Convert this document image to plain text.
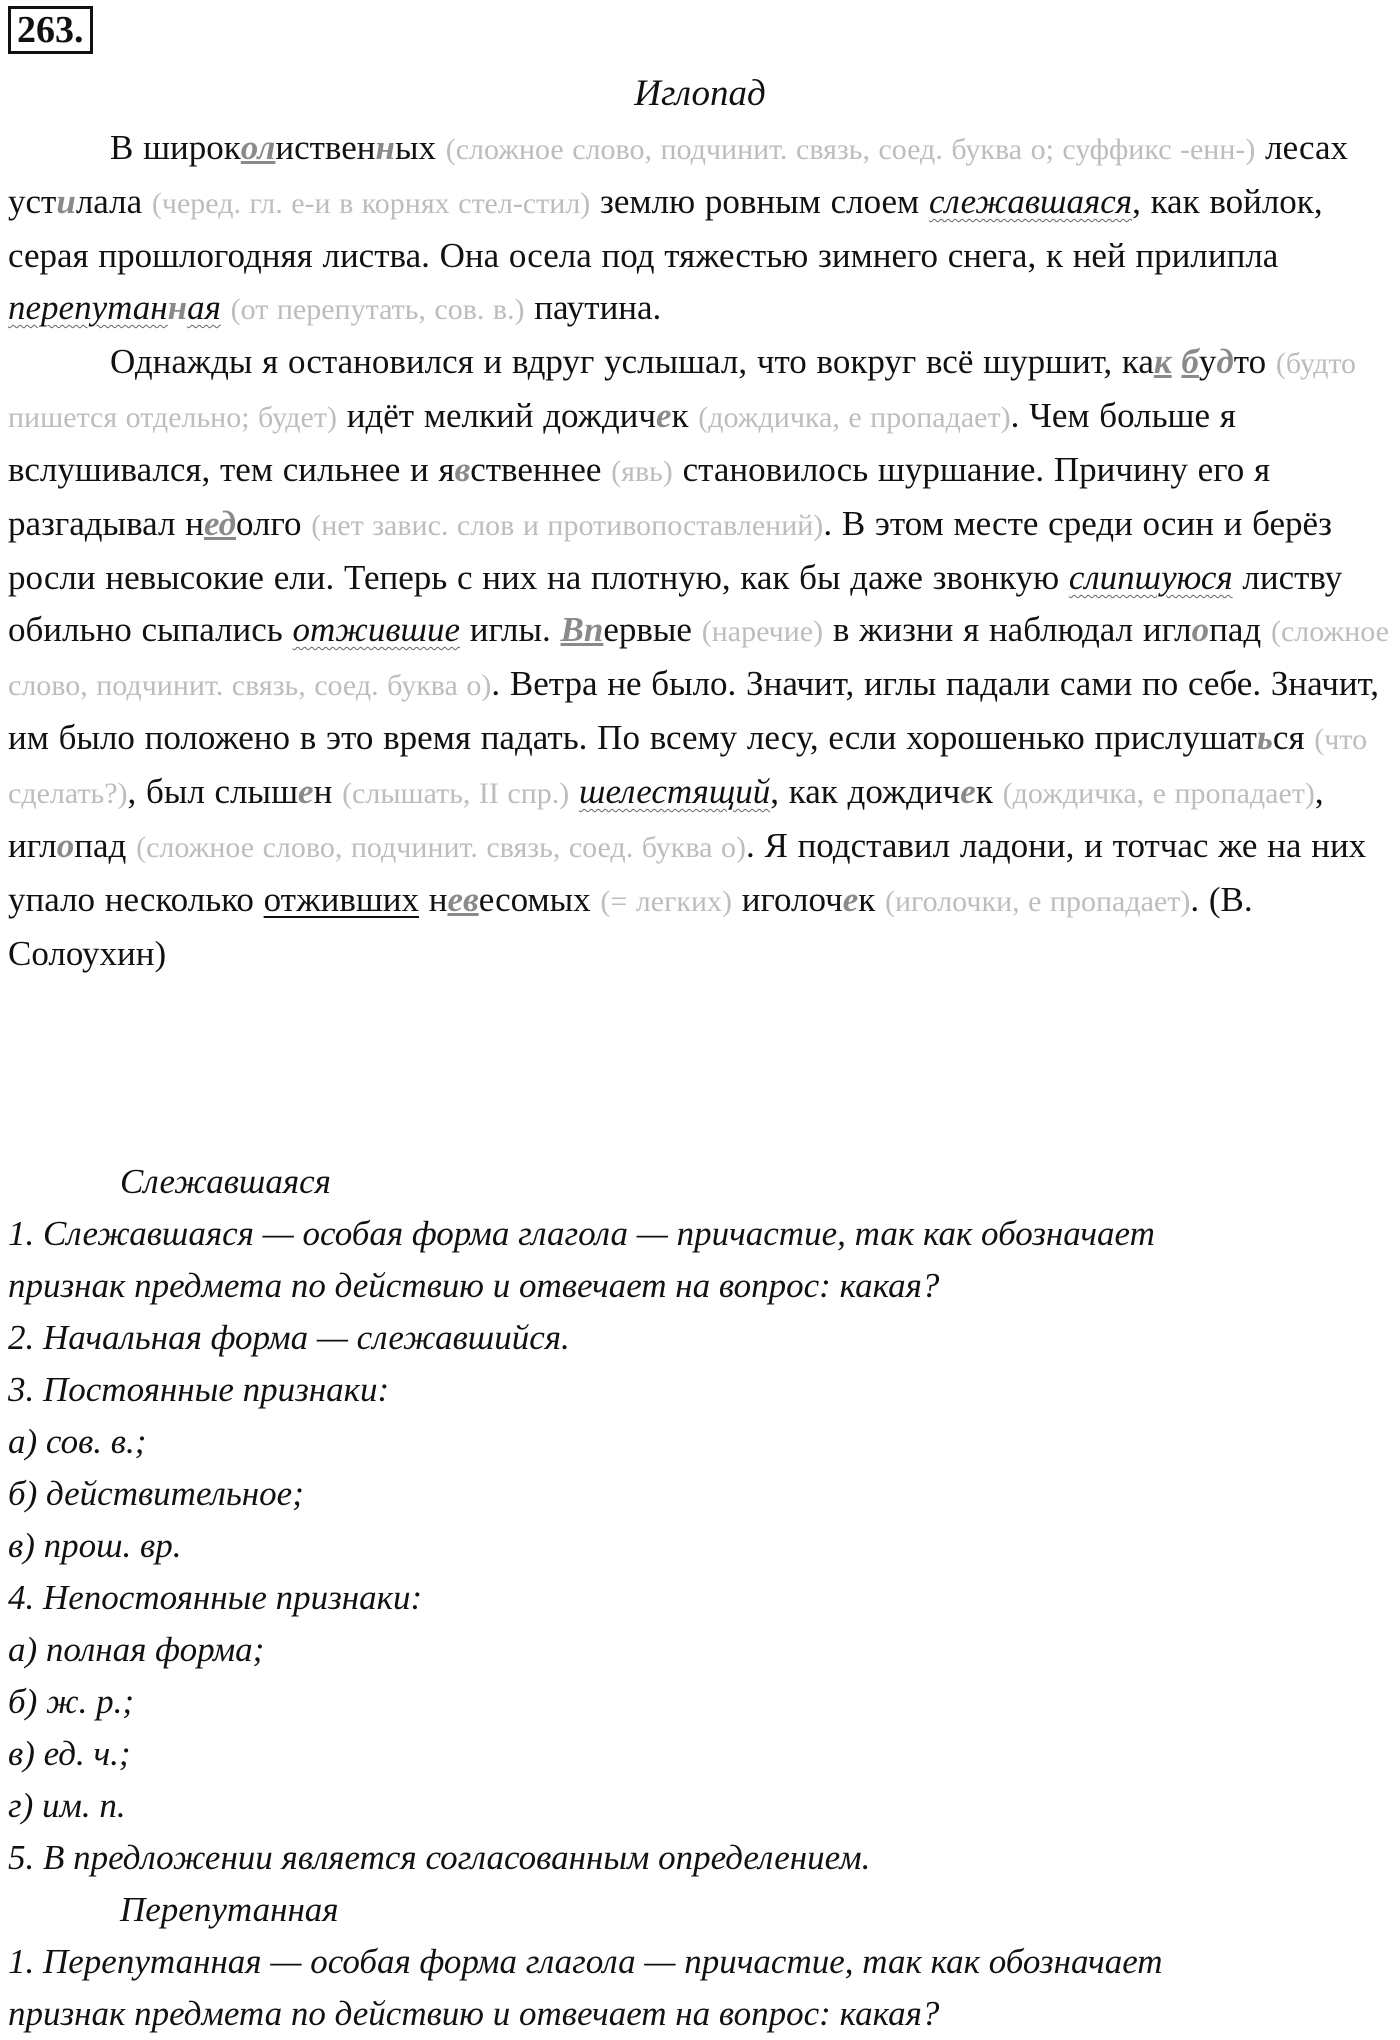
263.
Иглопад

В широколиственных (сложное слово, подчинит. связь, соед. буква о; суффикс -енн-) лесах устилала (черед. гл. е-и в корнях стел-стил) землю ровным слоем слежавшаяся, как войлок, серая прошлогодняя листва. Она осела под тяжестью зимнего снега, к ней прилипла перепутанная (от перепутать, сов. в.) паутина.

Однажды я остановился и вдруг услышал, что вокруг всё шуршит, как будто (будто пишется отдельно; будет) идёт мелкий дождичек (дождичка, е пропадает). Чем больше я вслушивался, тем сильнее и явственнее (явь) становилось шуршание. Причину его я разгадывал недолго (нет завис. слов и противопоставлений). В этом месте среди осин и берёз росли невысокие ели. Теперь с них на плотную, как бы даже звонкую слипшуюся листву обильно сыпались отжившие иглы. Впервые (наречие) в жизни я наблюдал иглопад (сложное слово, подчинит. связь, соед. буква о). Ветра не было. Значит, иглы падали сами по себе. Значит, им было положено в это время падать. По всему лесу, если хорошенько прислушаться (что сделать?), был слышен (слышать, II спр.) шелестящий, как дождичек (дождичка, е пропадает), иглопад (сложное слово, подчинит. связь, соед. буква о). Я подставил ладони, и тотчас же на них упало несколько отживших невесомых (= легких) иголочек (иголочки, е пропадает). (В. Солоухин)

Слежавшаяся
1. Слежавшаяся — особая форма глагола — причастие, так как обозначает
признак предмета по действию и отвечает на вопрос: какая?
2. Начальная форма — слежавшийся.
3. Постоянные признаки:
а) сов. в.;
б) действительное;
в) прош. вр.
4. Непостоянные признаки:
а) полная форма;
б) ж. р.;
в) ед. ч.;
г) им. п.
5. В предложении является согласованным определением.
Перепутанная
1. Перепутанная — особая форма глагола — причастие, так как обозначает
признак предмета по действию и отвечает на вопрос: какая?
